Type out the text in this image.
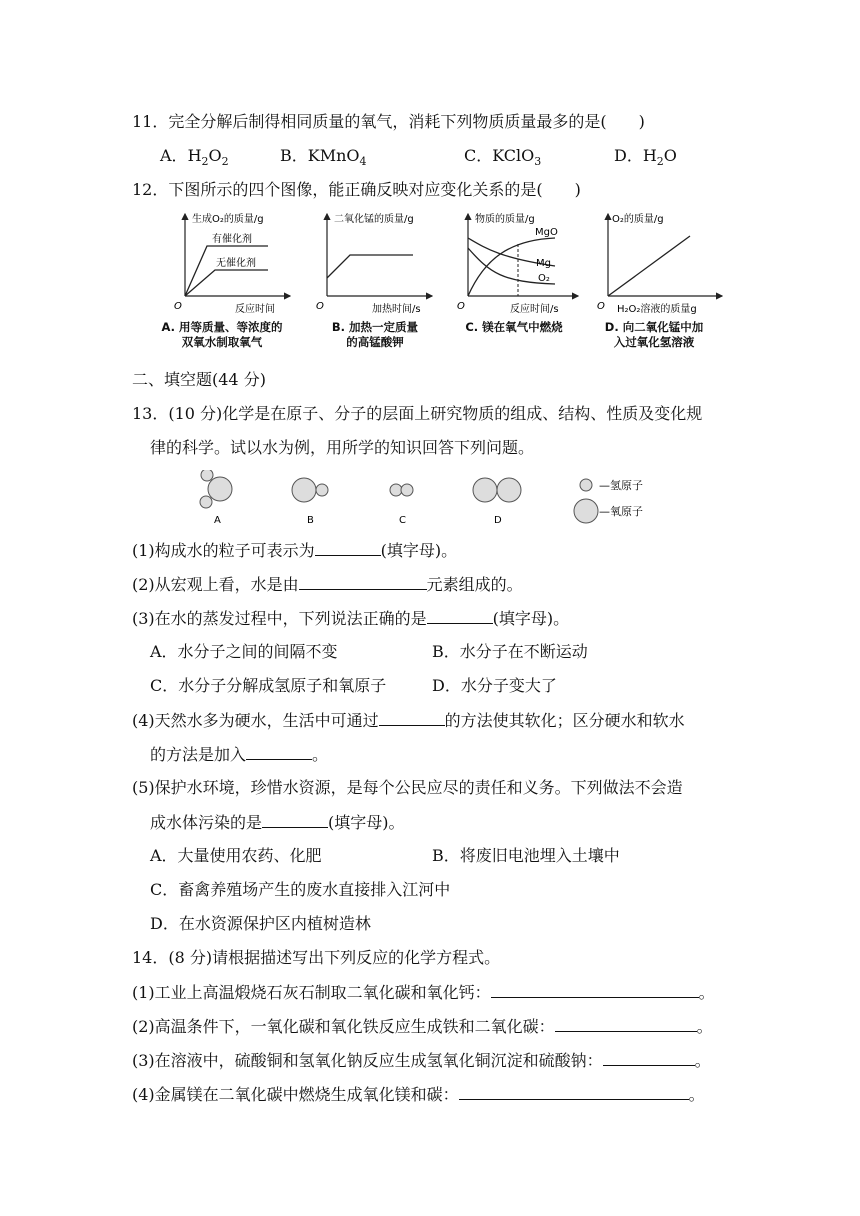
11．完全分解后制得相同质量的氧气，消耗下列物质质量最多的是(　　)
A．$H_2O_2$	B．KMnO$_4$	C．KClO$_3$	D．$H_2O$
12．下图所示的四个图像，能正确反映对应变化关系的是(　　)
生成O₂的质量/g
有催化剂
无催化剂
O	反应时间
二氧化锰的质量/g
O	加热时间/s
物质的质量/g
MgO
Mg
O₂
O	反应时间/s
O₂的质量/g
O H₂O₂溶液的质量g
A. 用等质量、等浓度的
双氧水制取氧气
B. 加热一定质量
的高锰酸钾
C. 镁在氧气中燃烧	D. 向二氧化锰中加
入过氧化氢溶液
二、填空题(44 分)
13．(10 分)化学是在原子、分子的层面上研究物质的组成、结构、性质及变化规
律的科学。试以水为例，用所学的知识回答下列问题。
A	B	C	D
—氢原子
—氧原子
(1)构成水的粒子可表示为	(填字母)。
(2)从宏观上看，水是由	元素组成的。
(3)在水的蒸发过程中，下列说法正确的是	(填字母)。
A．水分子之间的间隔不变	B．水分子在不断运动
C．水分子分解成氢原子和氧原子	D．水分子变大了
(4)天然水多为硬水，生活中可通过	的方法使其软化；区分硬水和软水
的方法是加入	。
(5)保护水环境，珍惜水资源，是每个公民应尽的责任和义务。下列做法不会造
成水体污染的是	(填字母)。
A．大量使用农药、化肥	B．将废旧电池埋入土壤中
C．畜禽养殖场产生的废水直接排入江河中
D．在水资源保护区内植树造林
14．(8 分)请根据描述写出下列反应的化学方程式。
(1)工业上高温煅烧石灰石制取二氧化碳和氧化钙：	。
(2)高温条件下，一氧化碳和氧化铁反应生成铁和二氧化碳：	。
(3)在溶液中，硫酸铜和氢氧化钠反应生成氢氧化铜沉淀和硫酸钠：	。
(4)金属镁在二氧化碳中燃烧生成氧化镁和碳：	。
